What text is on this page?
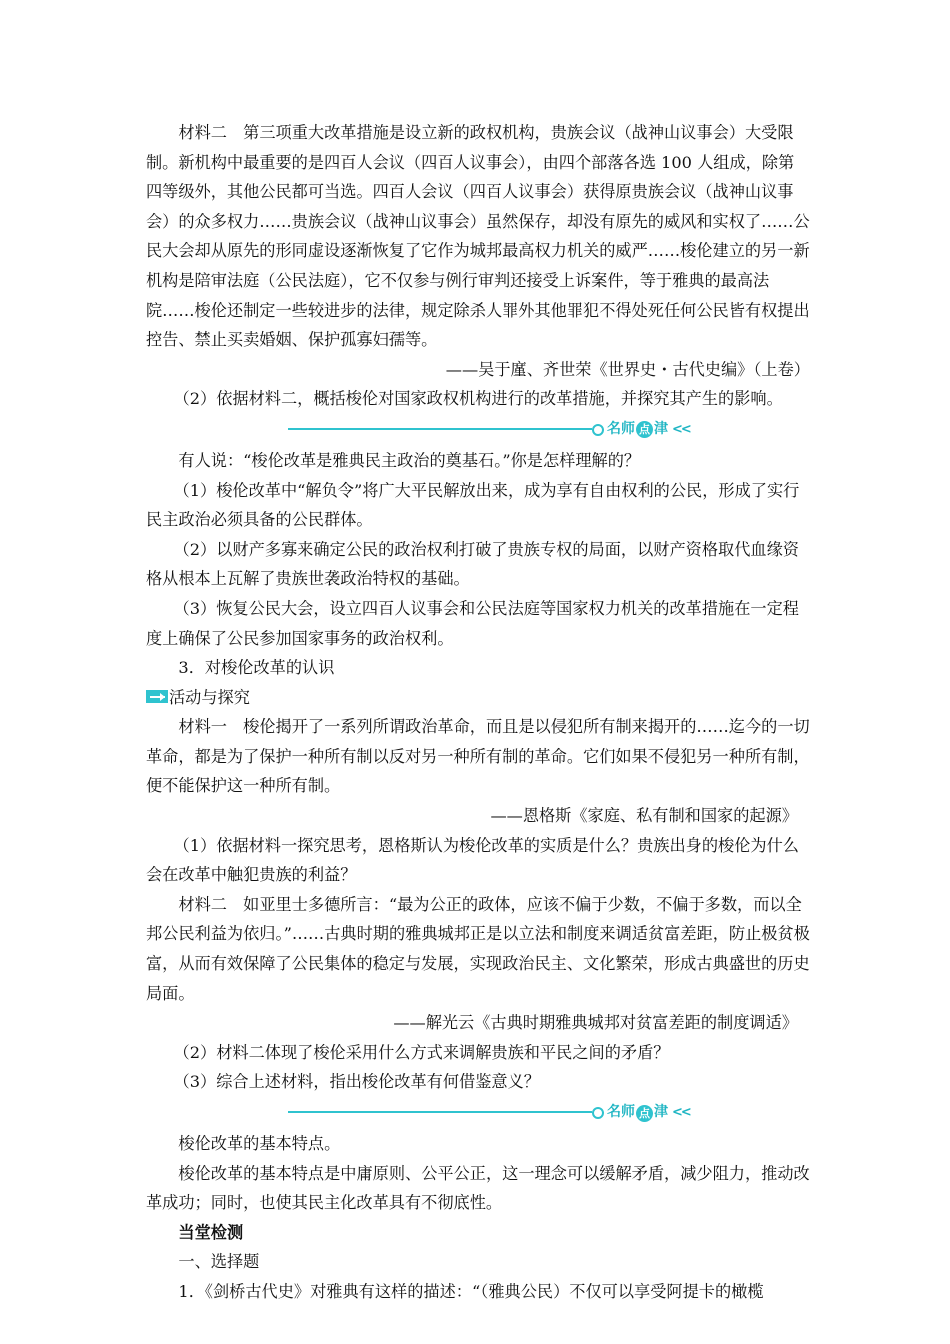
材料二　第三项重大改革措施是设立新的政权机构，贵族会议（战神山议事会）大受限制。新机构中最重要的是四百人会议（四百人议事会），由四个部落各选 100 人组成，除第四等级外，其他公民都可当选。四百人会议（四百人议事会）获得原贵族会议（战神山议事会）的众多权力……贵族会议（战神山议事会）虽然保存，却没有原先的威风和实权了……公民大会却从原先的形同虚设逐渐恢复了它作为城邦最高权力机关的威严……梭伦建立的另一新机构是陪审法庭（公民法庭），它不仅参与例行审判还接受上诉案件，等于雅典的最高法院……梭伦还制定一些较进步的法律，规定除杀人罪外其他罪犯不得处死任何公民皆有权提出控告、禁止买卖婚姻、保护孤寡妇孺等。

——吴于廑、齐世荣《世界史・古代史编》（上卷）

（2）依据材料二，概括梭伦对国家政权机构进行的改革措施，并探究其产生的影响。

名师 点 津 <<

有人说：“梭伦改革是雅典民主政治的奠基石。”你是怎样理解的？

（1）梭伦改革中“解负令”将广大平民解放出来，成为享有自由权利的公民，形成了实行民主政治必须具备的公民群体。

（2）以财产多寡来确定公民的政治权利打破了贵族专权的局面，以财产资格取代血缘资格从根本上瓦解了贵族世袭政治特权的基础。

（3）恢复公民大会，设立四百人议事会和公民法庭等国家权力机关的改革措施在一定程度上确保了公民参加国家事务的政治权利。

3．对梭伦改革的认识

活动与探究

材料一　梭伦揭开了一系列所谓政治革命，而且是以侵犯所有制来揭开的……迄今的一切革命，都是为了保护一种所有制以反对另一种所有制的革命。它们如果不侵犯另一种所有制，便不能保护这一种所有制。

——恩格斯《家庭、私有制和国家的起源》

（1）依据材料一探究思考，恩格斯认为梭伦改革的实质是什么？贵族出身的梭伦为什么会在改革中触犯贵族的利益？

材料二　如亚里士多德所言：“最为公正的政体，应该不偏于少数，不偏于多数，而以全邦公民利益为依归。”……古典时期的雅典城邦正是以立法和制度来调适贫富差距，防止极贫极富，从而有效保障了公民集体的稳定与发展，实现政治民主、文化繁荣，形成古典盛世的历史局面。

——解光云《古典时期雅典城邦对贫富差距的制度调适》

（2）材料二体现了梭伦采用什么方式来调解贵族和平民之间的矛盾？

（3）综合上述材料，指出梭伦改革有何借鉴意义？

名师 点 津 <<

梭伦改革的基本特点。

梭伦改革的基本特点是中庸原则、公平公正，这一理念可以缓解矛盾，减少阻力，推动改革成功；同时，也使其民主化改革具有不彻底性。

当堂检测

一、选择题

1．《剑桥古代史》对雅典有这样的描述：“（雅典公民）不仅可以享受阿提卡的橄榄
